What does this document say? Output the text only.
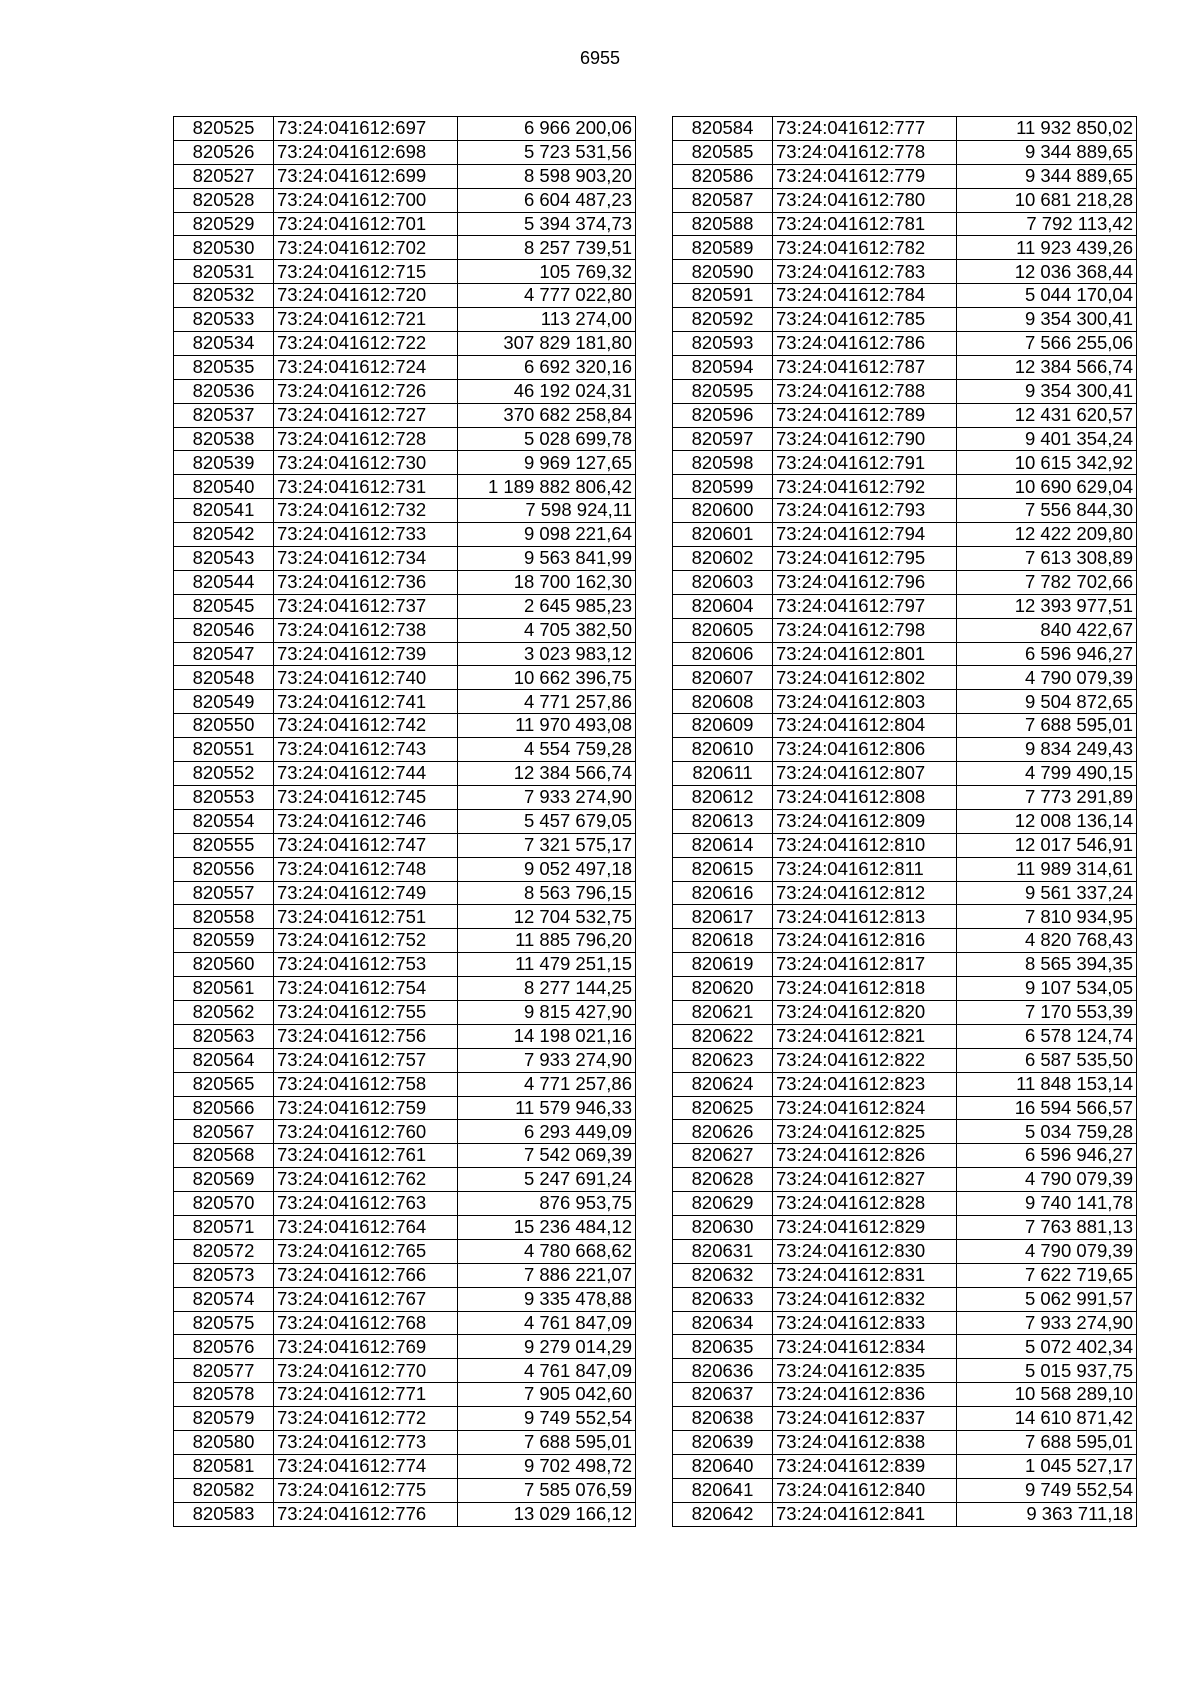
6955
820525	73:24:041612:697	6 966 200,06
820526	73:24:041612:698	5 723 531,56
820527	73:24:041612:699	8 598 903,20
820528	73:24:041612:700	6 604 487,23
820529	73:24:041612:701	5 394 374,73
820530	73:24:041612:702	8 257 739,51
820531	73:24:041612:715	105 769,32
820532	73:24:041612:720	4 777 022,80
820533	73:24:041612:721	113 274,00
820534	73:24:041612:722	307 829 181,80
820535	73:24:041612:724	6 692 320,16
820536	73:24:041612:726	46 192 024,31
820537	73:24:041612:727	370 682 258,84
820538	73:24:041612:728	5 028 699,78
820539	73:24:041612:730	9 969 127,65
820540	73:24:041612:731	1 189 882 806,42
820541	73:24:041612:732	7 598 924,11
820542	73:24:041612:733	9 098 221,64
820543	73:24:041612:734	9 563 841,99
820544	73:24:041612:736	18 700 162,30
820545	73:24:041612:737	2 645 985,23
820546	73:24:041612:738	4 705 382,50
820547	73:24:041612:739	3 023 983,12
820548	73:24:041612:740	10 662 396,75
820549	73:24:041612:741	4 771 257,86
820550	73:24:041612:742	11 970 493,08
820551	73:24:041612:743	4 554 759,28
820552	73:24:041612:744	12 384 566,74
820553	73:24:041612:745	7 933 274,90
820554	73:24:041612:746	5 457 679,05
820555	73:24:041612:747	7 321 575,17
820556	73:24:041612:748	9 052 497,18
820557	73:24:041612:749	8 563 796,15
820558	73:24:041612:751	12 704 532,75
820559	73:24:041612:752	11 885 796,20
820560	73:24:041612:753	11 479 251,15
820561	73:24:041612:754	8 277 144,25
820562	73:24:041612:755	9 815 427,90
820563	73:24:041612:756	14 198 021,16
820564	73:24:041612:757	7 933 274,90
820565	73:24:041612:758	4 771 257,86
820566	73:24:041612:759	11 579 946,33
820567	73:24:041612:760	6 293 449,09
820568	73:24:041612:761	7 542 069,39
820569	73:24:041612:762	5 247 691,24
820570	73:24:041612:763	876 953,75
820571	73:24:041612:764	15 236 484,12
820572	73:24:041612:765	4 780 668,62
820573	73:24:041612:766	7 886 221,07
820574	73:24:041612:767	9 335 478,88
820575	73:24:041612:768	4 761 847,09
820576	73:24:041612:769	9 279 014,29
820577	73:24:041612:770	4 761 847,09
820578	73:24:041612:771	7 905 042,60
820579	73:24:041612:772	9 749 552,54
820580	73:24:041612:773	7 688 595,01
820581	73:24:041612:774	9 702 498,72
820582	73:24:041612:775	7 585 076,59
820583	73:24:041612:776	13 029 166,12
820584	73:24:041612:777	11 932 850,02
820585	73:24:041612:778	9 344 889,65
820586	73:24:041612:779	9 344 889,65
820587	73:24:041612:780	10 681 218,28
820588	73:24:041612:781	7 792 113,42
820589	73:24:041612:782	11 923 439,26
820590	73:24:041612:783	12 036 368,44
820591	73:24:041612:784	5 044 170,04
820592	73:24:041612:785	9 354 300,41
820593	73:24:041612:786	7 566 255,06
820594	73:24:041612:787	12 384 566,74
820595	73:24:041612:788	9 354 300,41
820596	73:24:041612:789	12 431 620,57
820597	73:24:041612:790	9 401 354,24
820598	73:24:041612:791	10 615 342,92
820599	73:24:041612:792	10 690 629,04
820600	73:24:041612:793	7 556 844,30
820601	73:24:041612:794	12 422 209,80
820602	73:24:041612:795	7 613 308,89
820603	73:24:041612:796	7 782 702,66
820604	73:24:041612:797	12 393 977,51
820605	73:24:041612:798	840 422,67
820606	73:24:041612:801	6 596 946,27
820607	73:24:041612:802	4 790 079,39
820608	73:24:041612:803	9 504 872,65
820609	73:24:041612:804	7 688 595,01
820610	73:24:041612:806	9 834 249,43
820611	73:24:041612:807	4 799 490,15
820612	73:24:041612:808	7 773 291,89
820613	73:24:041612:809	12 008 136,14
820614	73:24:041612:810	12 017 546,91
820615	73:24:041612:811	11 989 314,61
820616	73:24:041612:812	9 561 337,24
820617	73:24:041612:813	7 810 934,95
820618	73:24:041612:816	4 820 768,43
820619	73:24:041612:817	8 565 394,35
820620	73:24:041612:818	9 107 534,05
820621	73:24:041612:820	7 170 553,39
820622	73:24:041612:821	6 578 124,74
820623	73:24:041612:822	6 587 535,50
820624	73:24:041612:823	11 848 153,14
820625	73:24:041612:824	16 594 566,57
820626	73:24:041612:825	5 034 759,28
820627	73:24:041612:826	6 596 946,27
820628	73:24:041612:827	4 790 079,39
820629	73:24:041612:828	9 740 141,78
820630	73:24:041612:829	7 763 881,13
820631	73:24:041612:830	4 790 079,39
820632	73:24:041612:831	7 622 719,65
820633	73:24:041612:832	5 062 991,57
820634	73:24:041612:833	7 933 274,90
820635	73:24:041612:834	5 072 402,34
820636	73:24:041612:835	5 015 937,75
820637	73:24:041612:836	10 568 289,10
820638	73:24:041612:837	14 610 871,42
820639	73:24:041612:838	7 688 595,01
820640	73:24:041612:839	1 045 527,17
820641	73:24:041612:840	9 749 552,54
820642	73:24:041612:841	9 363 711,18
